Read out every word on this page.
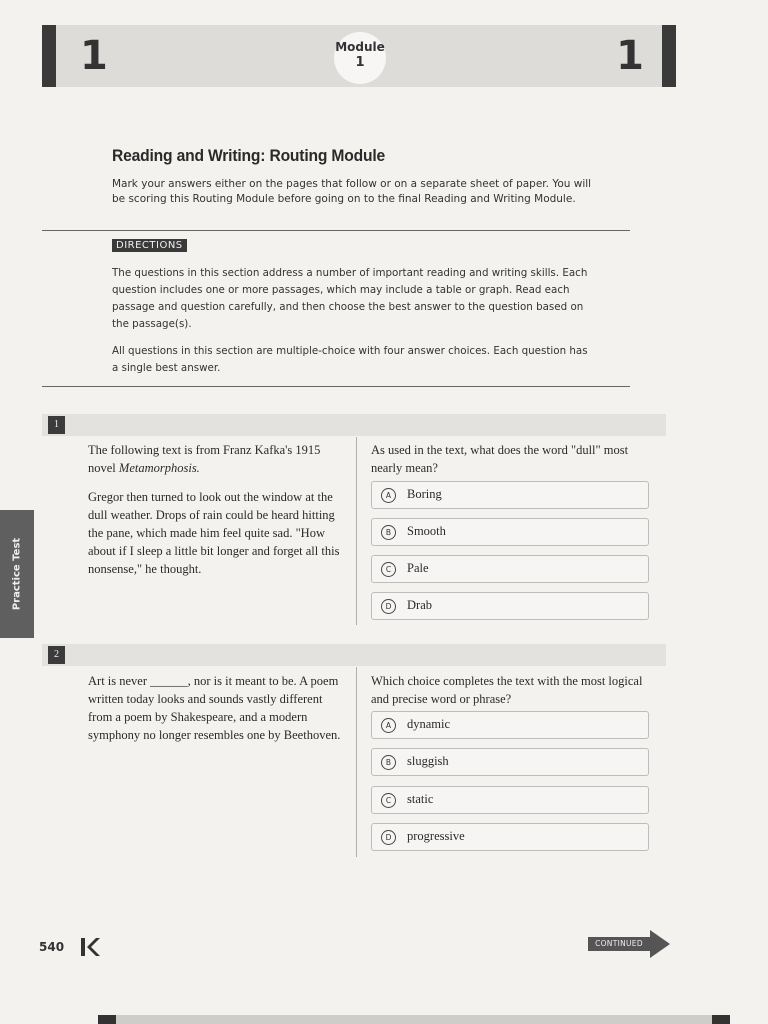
1	Module
1	1
Reading and Writing: Routing Module
Mark your answers either on the pages that follow or on a separate sheet of paper. You will be scoring this Routing Module before going on to the final Reading and Writing Module.
DIRECTIONS
The questions in this section address a number of important reading and writing skills. Each question includes one or more passages, which may include a table or graph. Read each passage and question carefully, and then choose the best answer to the question based on the passage(s).
All questions in this section are multiple-choice with four answer choices. Each question has a single best answer.
1

The following text is from Franz Kafka's 1915 novel Metamorphosis.

Gregor then turned to look out the window at the dull weather. Drops of rain could be heard hitting the pane, which made him feel quite sad. "How about if I sleep a little bit longer and forget all this nonsense," he thought.

As used in the text, what does the word "dull" most nearly mean?
A	Boring
B	Smooth
C	Pale
D	Drab
2

Art is never ______, nor is it meant to be. A poem written today looks and sounds vastly different from a poem by Shakespeare, and a modern symphony no longer resembles one by Beethoven.

Which choice completes the text with the most logical and precise word or phrase?
A	dynamic
B	sluggish
C	static
D	progressive
Practice Test
540	CONTINUED
